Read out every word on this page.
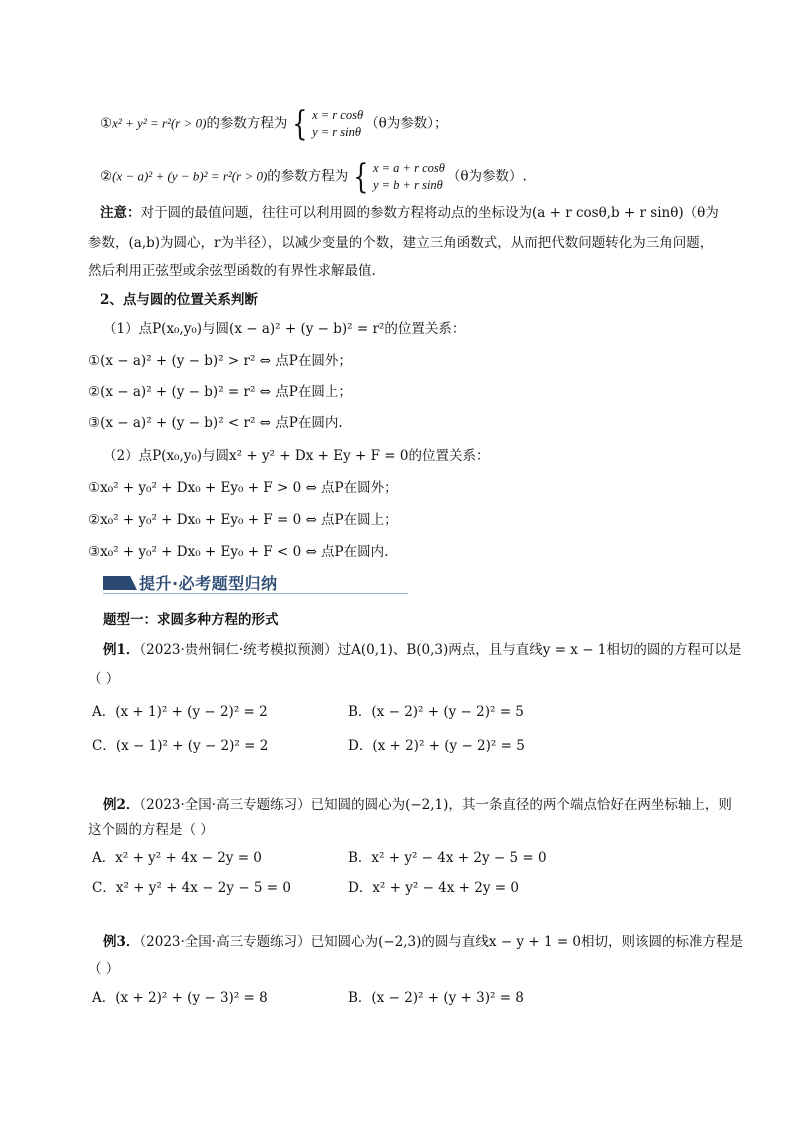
①x² + y² = r²(r > 0)的参数方程为 { x = r cosθ
y = r sinθ
（θ为参数）；
②(x − a)² + (y − b)² = r²(r > 0)的参数方程为 { x = a + r cosθ
y = b + r sinθ
（θ为参数）.
注意：对于圆的最值问题，往往可以利用圆的参数方程将动点的坐标设为(a + r cosθ,b + r sinθ)（θ为
参数，(a,b)为圆心，r为半径），以减少变量的个数，建立三角函数式，从而把代数问题转化为三角问题，
然后利用正弦型或余弦型函数的有界性求解最值.
2、点与圆的位置关系判断
（1）点P(x₀,y₀)与圆(x − a)² + (y − b)² = r²的位置关系：
①(x − a)² + (y − b)² > r² ⇔ 点P在圆外；
②(x − a)² + (y − b)² = r² ⇔ 点P在圆上；
③(x − a)² + (y − b)² < r² ⇔ 点P在圆内.
（2）点P(x₀,y₀)与圆x² + y² + Dx + Ey + F = 0的位置关系：
①x₀² + y₀² + Dx₀ + Ey₀ + F > 0 ⇔ 点P在圆外；
②x₀² + y₀² + Dx₀ + Ey₀ + F = 0 ⇔ 点P在圆上；
③x₀² + y₀² + Dx₀ + Ey₀ + F < 0 ⇔ 点P在圆内.
提升·必考题型归纳
题型一：求圆多种方程的形式
例1．（2023·贵州铜仁·统考模拟预测）过A(0,1)、B(0,3)两点，且与直线y = x − 1相切的圆的方程可以是
（ ）
A．(x + 1)² + (y − 2)² = 2	B．(x − 2)² + (y − 2)² = 5
C．(x − 1)² + (y − 2)² = 2	D．(x + 2)² + (y − 2)² = 5
例2．（2023·全国·高三专题练习）已知圆的圆心为(−2,1)，其一条直径的两个端点恰好在两坐标轴上，则
这个圆的方程是（ ）
A．x² + y² + 4x − 2y = 0	B．x² + y² − 4x + 2y − 5 = 0
C．x² + y² + 4x − 2y − 5 = 0	D．x² + y² − 4x + 2y = 0
例3．（2023·全国·高三专题练习）已知圆心为(−2,3)的圆与直线x − y + 1 = 0相切，则该圆的标准方程是
（ ）
A．(x + 2)² + (y − 3)² = 8	B．(x − 2)² + (y + 3)² = 8
